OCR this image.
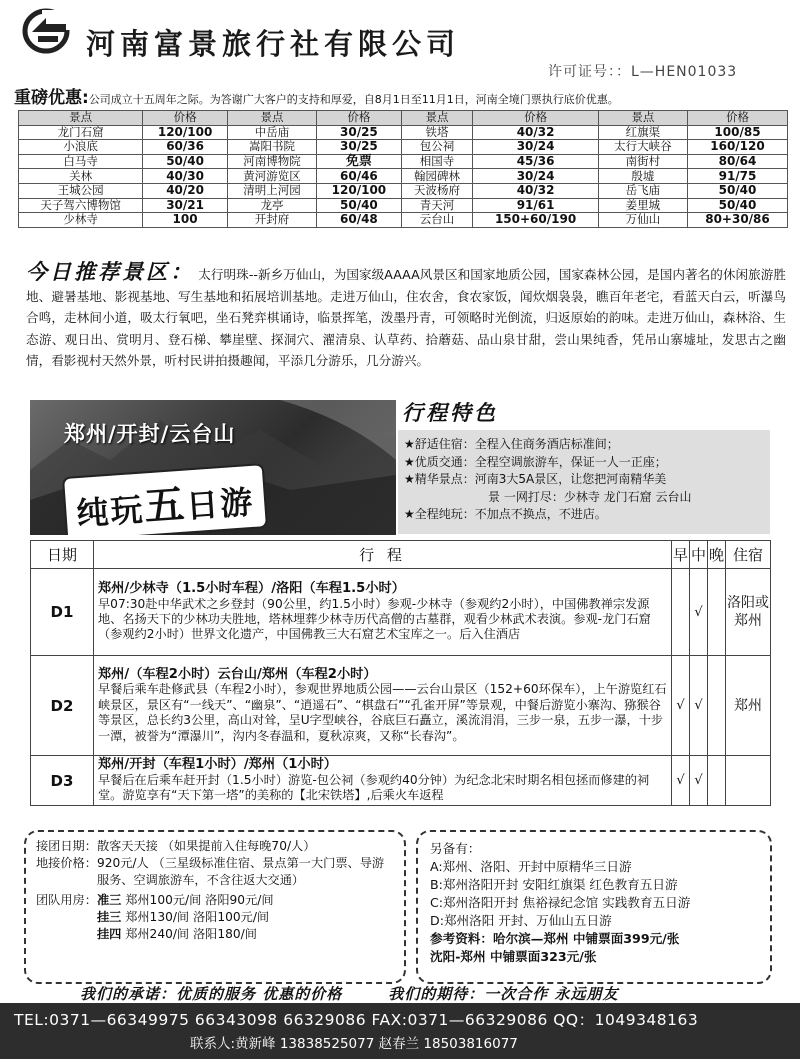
河南富景旅行社有限公司
许可证号：：L—HEN01033
重磅优惠:公司成立十五周年之际。为答谢广大客户的支持和厚爱，自8月1日至11月1日，河南全境门票执行底价优惠。
景点	价格	景点	价格	景点	价格	景点	价格
龙门石窟	120/100	中岳庙	30/25	铁塔	40/32	红旗渠	100/85
小浪底	60/36	嵩阳书院	30/25	包公祠	30/24	太行大峡谷	160/120
白马寺	50/40	河南博物院	免票	相国寺	45/36	南街村	80/64
关林	40/30	黄河游览区	60/46	翰园碑林	30/24	殷墟	91/75
王城公园	40/20	清明上河园	120/100	天波杨府	40/32	岳飞庙	50/40
天子驾六博物馆	30/21	龙亭	50/40	青天河	91/61	姜里城	50/40
少林寺	100	开封府	60/48	云台山	150+60/190	万仙山	80+30/86
今日推荐景区： 太行明珠--新乡万仙山，为国家级AAAA风景区和国家地质公园，国家森林公园，是国内著名的休闲旅游胜地、避暑基地、影视基地、写生基地和拓展培训基地。走进万仙山，住农舍，食农家饭，闻炊烟袅袅，瞧百年老宅，看蓝天白云，听瀑鸟合鸣，走林间小道，吸太行氧吧，坐石凳弈棋诵诗，临景挥笔，泼墨丹青，可领略时光倒流，归返原始的韵味。走进万仙山，森林浴、生态游、观日出、赏明月、登石梯、攀崖壁、探洞穴、濯清泉、认草药、拾蘑菇、品山泉甘甜，尝山果纯香，凭吊山寨墟址，发思古之幽情，看影视村天然外景，听村民讲拍摄趣闻，平添几分游乐，几分游兴。
郑州/开封/云台山
纯玩五日游
行程特色
★舒适住宿： 全程入住商务酒店标准间；
★优质交通： 全程空调旅游车，保证一人一正座；
★精华景点： 河南3大5A景区，让您把河南精华美
景 一网打尽：少林寺 龙门石窟 云台山
★全程纯玩： 不加点不换点，不进店。
日期	行 程	早	中	晚	住宿
D1	郑州/少林寺（1.5小时车程）/洛阳（车程1.5小时）
早07:30赴中华武术之乡登封（90公里，约1.5小时）参观-少林寺（参观约2小时），中国佛教禅宗发源地、名扬天下的少林功夫胜地，塔林埋葬少林寺历代高僧的古墓群，观看少林武术表演。参观-龙门石窟（参观约2小时）世界文化遗产，中国佛教三大石窟艺术宝库之一。后入住酒店		√		洛阳或郑州
D2	郑州/（车程2小时）云台山/郑州（车程2小时）
早餐后乘车赴修武县（车程2小时），参观世界地质公园——云台山景区（152+60环保车），上午游览红石峡景区，景区有“一线天”、“幽泉”、“逍遥石”、“棋盘石”“孔雀开屏”等景观，中餐后游览小寨沟、猕猴谷等景区，总长约3公里，高山对耸，呈U字型峡谷，谷底巨石矗立，溪流涓涓，三步一泉，五步一瀑，十步一潭，被誉为“潭瀑川”，沟内冬春温和，夏秋凉爽，又称“长春沟”。	√	√		郑州
D3	郑州/开封（车程1小时）/郑州（1小时）
早餐后在后乘车赶开封（1.5小时）游览-包公祠（参观约40分钟）为纪念北宋时期名相包拯而修建的祠堂。游览享有“天下第一塔”的美称的【北宋铁塔】,后乘火车返程	√	√		
接团日期： 散客天天接 （如果提前入住每晚70/人）
地接价格： 920元/人 （三星级标准住宿、景点第一大门票、导游服务、空调旅游车，不含往返大交通）
团队用房： 准三 郑州100元/间 洛阳90元/间
挂三 郑州130/间 洛阳100元/间
挂四 郑州240/间 洛阳180/间
另备有：
A:郑州、洛阳、开封中原精华三日游
B:郑州洛阳开封 安阳红旗渠 红色教育五日游
C:郑州洛阳开封 焦裕禄纪念馆 实践教育五日游
D:郑州洛阳 开封、万仙山五日游
参考资料：哈尔滨—郑州 中铺票面399元/张
沈阳-郑州 中铺票面323元/张
我们的承诺：优质的服务 优惠的价格	我们的期待：一次合作 永远朋友
TEL:0371—66349975 66343098 66329086 FAX:0371—66329086 QQ：1049348163
联系人:黄新峰 13838525077 赵春兰 18503816077
